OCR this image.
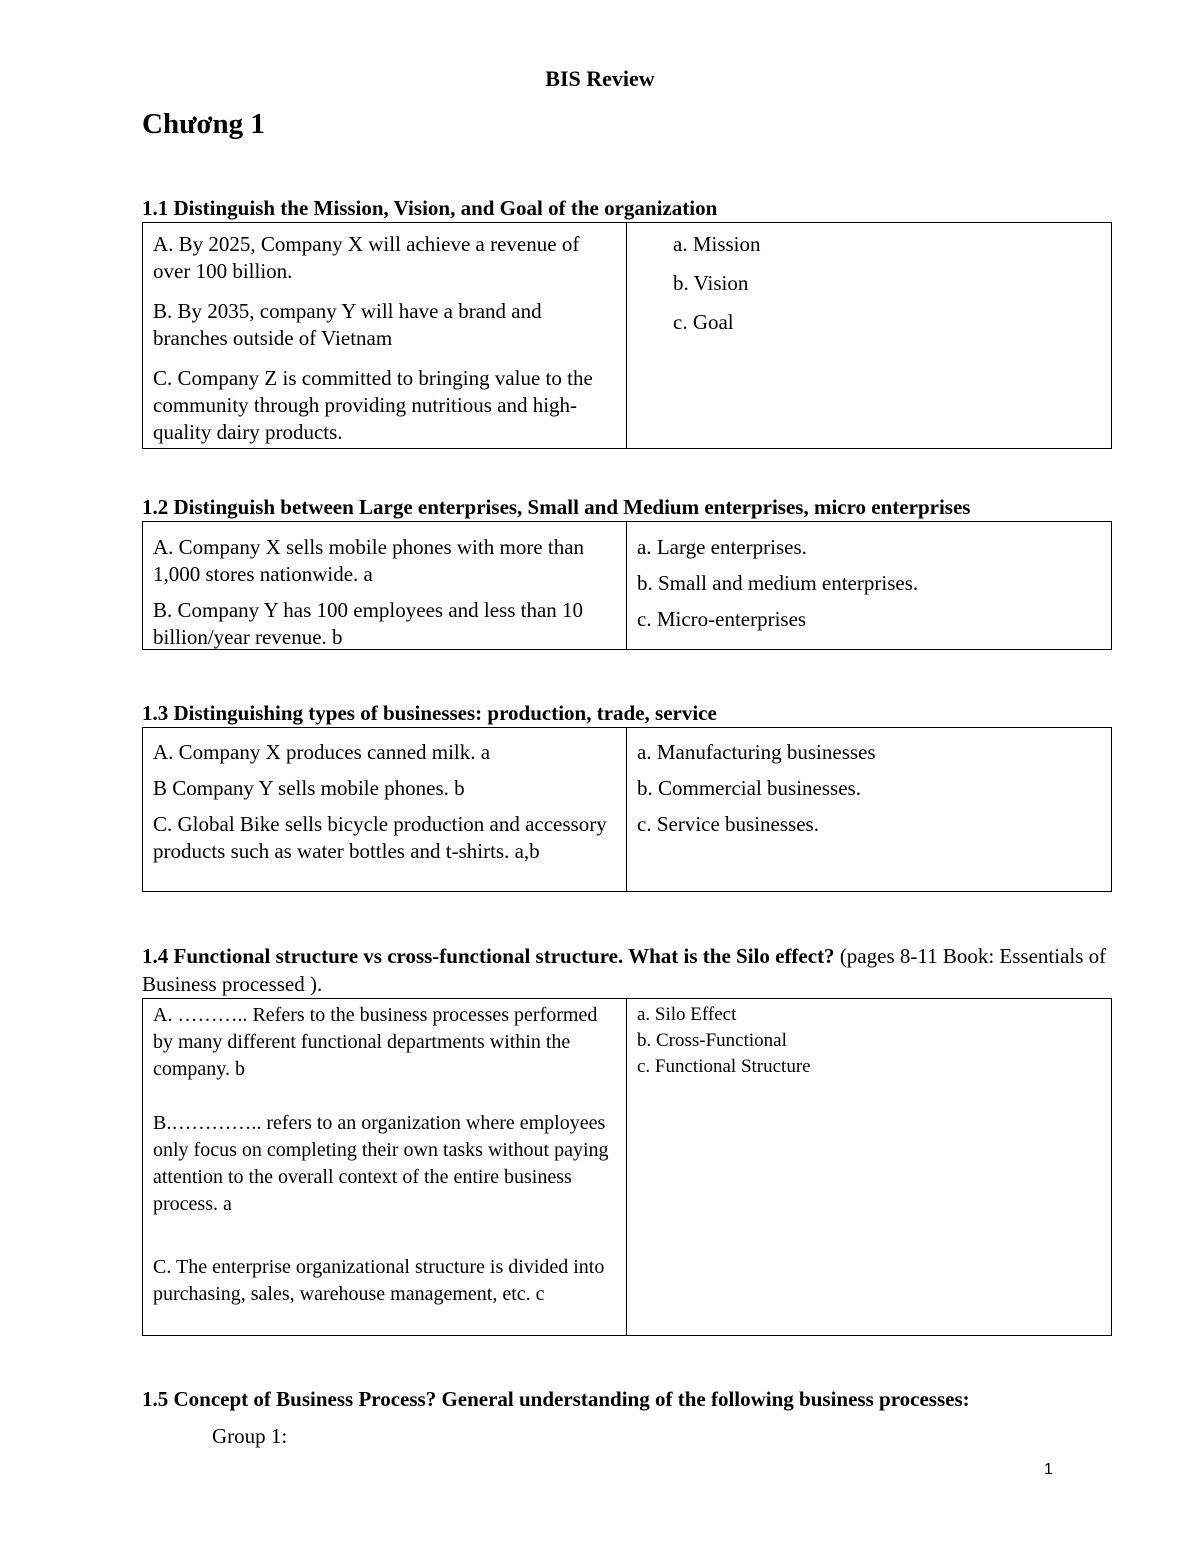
BIS Review
Chương 1
1.1 Distinguish the Mission, Vision, and Goal of the organization
A. By 2025, Company X will achieve a revenue of over 100 billion.
B. By 2035, company Y will have a brand and branches outside of Vietnam
C. Company Z is committed to bringing value to the community through providing nutritious and high-quality dairy products.
a. Mission
b. Vision
c. Goal
1.2 Distinguish between Large enterprises, Small and Medium enterprises, micro enterprises
A. Company X sells mobile phones with more than 1,000 stores nationwide. a
B. Company Y has 100 employees and less than 10 billion/year revenue. b
a. Large enterprises.
b. Small and medium enterprises.
c. Micro-enterprises
1.3 Distinguishing types of businesses: production, trade, service
A. Company X produces canned milk. a
B Company Y sells mobile phones. b
C. Global Bike sells bicycle production and accessory products such as water bottles and t-shirts. a,b
a. Manufacturing businesses
b. Commercial businesses.
c. Service businesses.
1.4 Functional structure vs cross-functional structure. What is the Silo effect? (pages 8-11 Book: Essentials of Business processed ).
A. ……….. Refers to the business processes performed by many different functional departments within the company. b
B.………….. refers to an organization where employees only focus on completing their own tasks without paying attention to the overall context of the entire business process. a
C. The enterprise organizational structure is divided into purchasing, sales, warehouse management, etc. c
a. Silo Effect
b. Cross-Functional
c. Functional Structure
1.5 Concept of Business Process? General understanding of the following business processes:
Group 1:
1
